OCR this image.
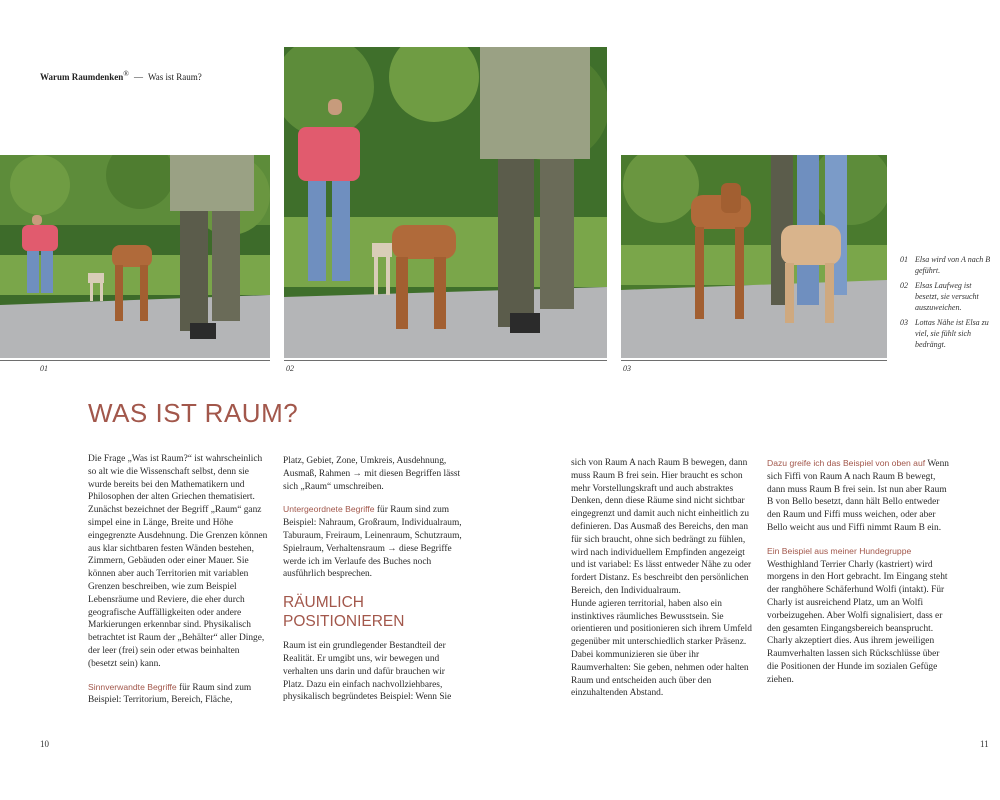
Warum Raumdenken® — Was ist Raum?
01	02	03
01 Elsa wird von A nach B geführt.
02 Elsas Laufweg ist besetzt, sie versucht auszuweichen.
03 Lottas Nähe ist Elsa zu viel, sie fühlt sich bedrängt.
WAS IST RAUM?

Die Frage „Was ist Raum?“ ist wahrscheinlich so alt wie die Wissenschaft selbst, denn sie wurde bereits bei den Mathematikern und Philosophen der alten Griechen thematisiert. Zunächst bezeichnet der Begriff „Raum“ ganz simpel eine in Länge, Breite und Höhe eingegrenzte Ausdehnung. Die Grenzen können aus klar sichtbaren festen Wänden bestehen, Zimmern, Gebäuden oder einer Mauer. Sie können aber auch Territorien mit variablen Grenzen beschreiben, wie zum Beispiel Lebensräume und Reviere, die eher durch geografische Auffälligkeiten oder andere Markierungen erkennbar sind. Physikalisch betrachtet ist Raum der „Behälter“ aller Dinge, der leer (frei) sein oder etwas beinhalten (besetzt sein) kann.

Sinnverwandte Begriffe für Raum sind zum Beispiel: Territorium, Bereich, Fläche,

Platz, Gebiet, Zone, Umkreis, Ausdehnung, Ausmaß, Rahmen → mit diesen Begriffen lässt sich „Raum“ umschreiben.

Untergeordnete Begriffe für Raum sind zum Beispiel: Nahraum, Großraum, Individualraum, Taburaum, Freiraum, Leinenraum, Schutzraum, Spielraum, Verhaltensraum → diese Begriffe werde ich im Verlaufe des Buches noch ausführlich besprechen.

RÄUMLICH
POSITIONIEREN

Raum ist ein grundlegender Bestandteil der Realität. Er umgibt uns, wir bewegen und verhalten uns darin und dafür brauchen wir Platz. Dazu ein einfach nachvollziehbares, physikalisch begründetes Beispiel: Wenn Sie

sich von Raum A nach Raum B bewegen, dann muss Raum B frei sein. Hier braucht es schon mehr Vorstellungskraft und auch abstraktes Denken, denn diese Räume sind nicht sichtbar eingegrenzt und damit auch nicht einheitlich zu definieren. Das Ausmaß des Bereichs, den man für sich braucht, ohne sich bedrängt zu fühlen, wird nach individuellem Empfinden angezeigt und ist variabel: Es lässt entweder Nähe zu oder fordert Distanz. Es beschreibt den persönlichen Bereich, den Individualraum.

Hunde agieren territorial, haben also ein instinktives räumliches Bewusstsein. Sie orientieren und positionieren sich ihrem Umfeld gegenüber mit unterschiedlich starker Präsenz. Dabei kommunizieren sie über ihr Raumverhalten: Sie geben, nehmen oder halten Raum und entscheiden auch über den einzuhaltenden Abstand.

Dazu greife ich das Beispiel von oben auf Wenn sich Fiffi von Raum A nach Raum B bewegt, dann muss Raum B frei sein. Ist nun aber Raum B von Bello besetzt, dann hält Bello entweder den Raum und Fiffi muss weichen, oder aber Bello weicht aus und Fiffi nimmt Raum B ein.

Ein Beispiel aus meiner Hundegruppe Westhighland Terrier Charly (kastriert) wird morgens in den Hort gebracht. Im Eingang steht der ranghöhere Schäferhund Wolfi (intakt). Für Charly ist ausreichend Platz, um an Wolfi vorbeizugehen. Aber Wolfi signalisiert, dass er den gesamten Eingangsbereich beansprucht. Charly akzeptiert dies. Aus ihrem jeweiligen Raumverhalten lassen sich Rückschlüsse über die Positionen der Hunde im sozialen Gefüge ziehen.

10	11
